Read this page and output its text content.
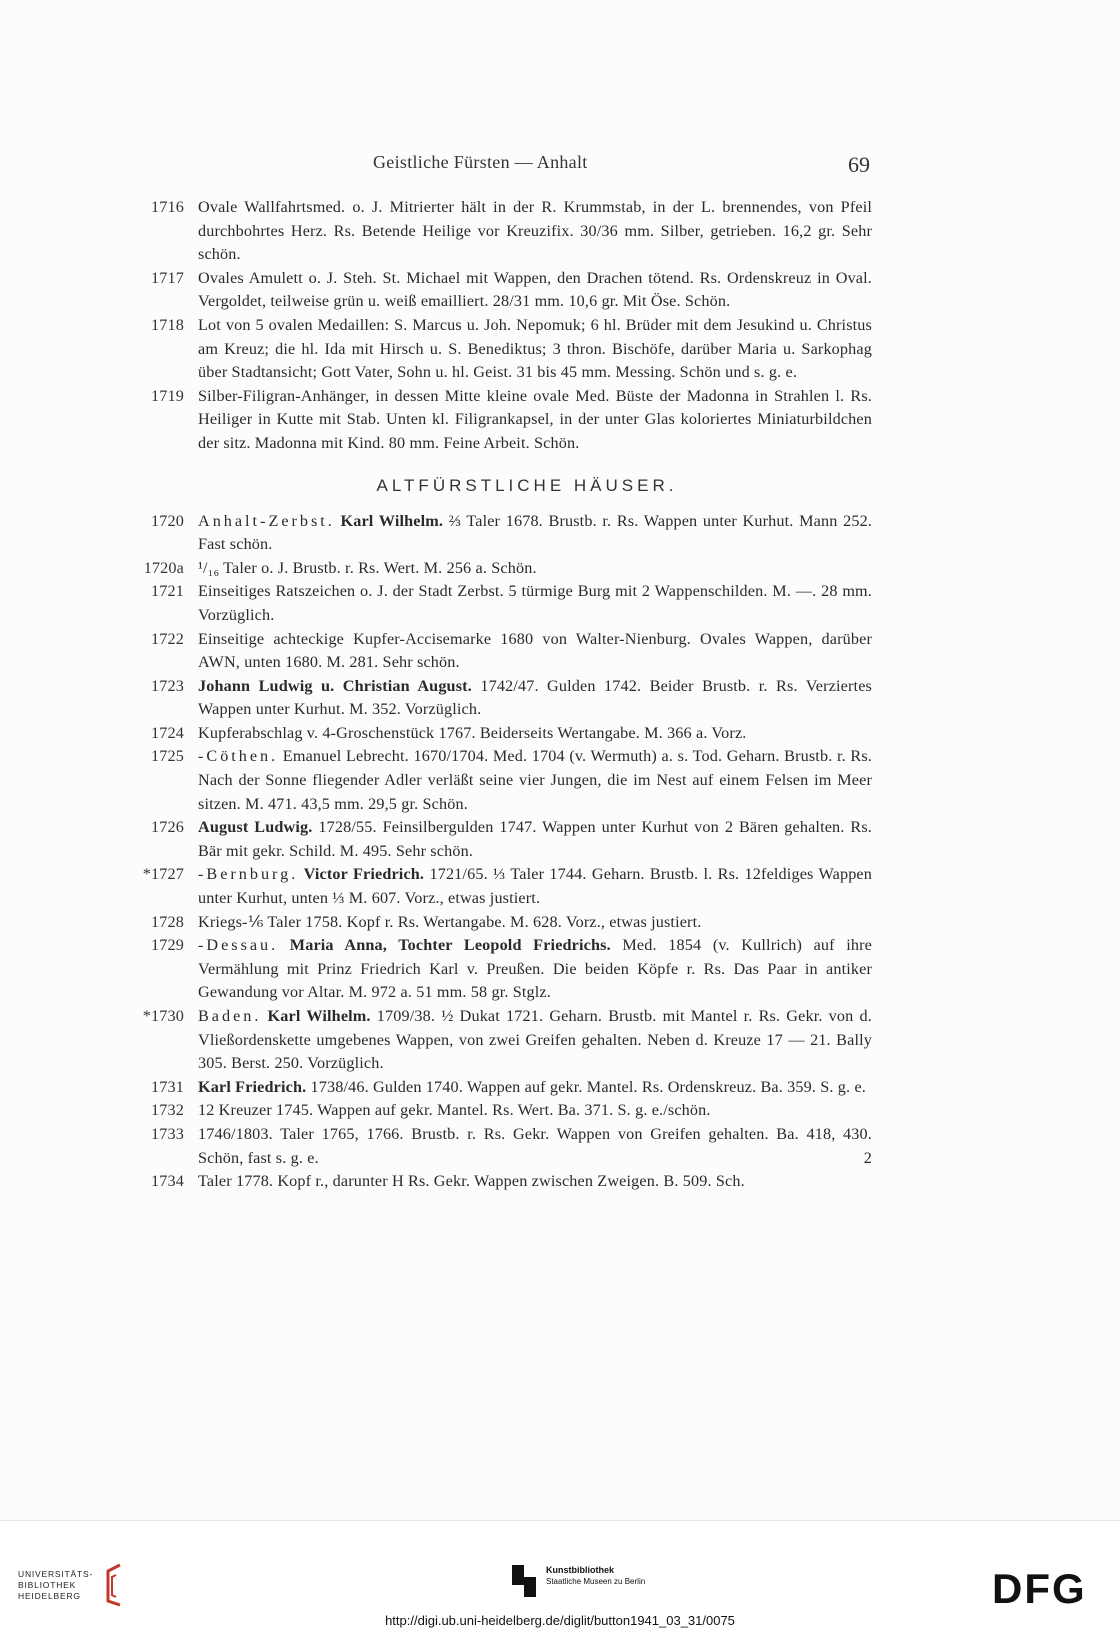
Geistliche Fürsten — Anhalt	69
1716 Ovale Wallfahrtsmed. o. J. Mitrierter hält in der R. Krummstab, in der L. brennendes, von Pfeil durchbohrtes Herz. Rs. Betende Heilige vor Kreuzifix. 30/36 mm. Silber, getrieben. 16,2 gr. Sehr schön.
1717 Ovales Amulett o. J. Steh. St. Michael mit Wappen, den Drachen tötend. Rs. Ordenskreuz in Oval. Vergoldet, teilweise grün u. weiß emailliert. 28/31 mm. 10,6 gr. Mit Öse. Schön.
1718 Lot von 5 ovalen Medaillen: S. Marcus u. Joh. Nepomuk; 6 hl. Brüder mit dem Jesukind u. Christus am Kreuz; die hl. Ida mit Hirsch u. S. Benediktus; 3 thron. Bischöfe, darüber Maria u. Sarkophag über Stadtansicht; Gott Vater, Sohn u. hl. Geist. 31 bis 45 mm. Messing. Schön und s. g. e.
1719 Silber-Filigran-Anhänger, in dessen Mitte kleine ovale Med. Büste der Madonna in Strahlen l. Rs. Heiliger in Kutte mit Stab. Unten kl. Filigrankapsel, in der unter Glas koloriertes Miniaturbildchen der sitz. Madonna mit Kind. 80 mm. Feine Arbeit. Schön.
ALTFÜRSTLICHE HÄUSER.
1720 Anhalt-Zerbst. Karl Wilhelm. ⅔ Taler 1678. Brustb. r. Rs. Wappen unter Kurhut. Mann 252. Fast schön.
1720a ¹/₁₆ Taler o. J. Brustb. r. Rs. Wert. M. 256 a. Schön.
1721 Einseitiges Ratszeichen o. J. der Stadt Zerbst. 5 türmige Burg mit 2 Wappenschilden. M. —. 28 mm. Vorzüglich.
1722 Einseitige achteckige Kupfer-Accisemarke 1680 von Walter-Nienburg. Ovales Wappen, darüber AWN, unten 1680. M. 281. Sehr schön.
1723 Johann Ludwig u. Christian August. 1742/47. Gulden 1742. Beider Brustb. r. Rs. Verziertes Wappen unter Kurhut. M. 352. Vorzüglich.
1724 Kupferabschlag v. 4-Groschenstück 1767. Beiderseits Wertangabe. M. 366 a. Vorz.
1725 -Cöthen. Emanuel Lebrecht. 1670/1704. Med. 1704 (v. Wermuth) a. s. Tod. Geharn. Brustb. r. Rs. Nach der Sonne fliegender Adler verläßt seine vier Jungen, die im Nest auf einem Felsen im Meer sitzen. M. 471. 43,5 mm. 29,5 gr. Schön.
1726 August Ludwig. 1728/55. Feinsilbergulden 1747. Wappen unter Kurhut von 2 Bären gehalten. Rs. Bär mit gekr. Schild. M. 495. Sehr schön.
*1727 -Bernburg. Victor Friedrich. 1721/65. ⅓ Taler 1744. Geharn. Brustb. l. Rs. 12feldiges Wappen unter Kurhut, unten ⅓ M. 607. Vorz., etwas justiert.
1728 Kriegs-⅙ Taler 1758. Kopf r. Rs. Wertangabe. M. 628. Vorz., etwas justiert.
1729 -Dessau. Maria Anna, Tochter Leopold Friedrichs. Med. 1854 (v. Kullrich) auf ihre Vermählung mit Prinz Friedrich Karl v. Preußen. Die beiden Köpfe r. Rs. Das Paar in antiker Gewandung vor Altar. M. 972 a. 51 mm. 58 gr. Stglz.
*1730 Baden. Karl Wilhelm. 1709/38. ½ Dukat 1721. Geharn. Brustb. mit Mantel r. Rs. Gekr. von d. Vließordenskette umgebenes Wappen, von zwei Greifen gehalten. Neben d. Kreuze 17 — 21. Bally 305. Berst. 250. Vorzüglich.
1731 Karl Friedrich. 1738/46. Gulden 1740. Wappen auf gekr. Mantel. Rs. Ordenskreuz. Ba. 359. S. g. e.
1732 12 Kreuzer 1745. Wappen auf gekr. Mantel. Rs. Wert. Ba. 371. S. g. e./schön.
1733 1746/1803. Taler 1765, 1766. Brustb. r. Rs. Gekr. Wappen von Greifen gehalten. Ba. 418, 430. Schön, fast s. g. e.	2
1734 Taler 1778. Kopf r., darunter H Rs. Gekr. Wappen zwischen Zweigen. B. 509. Sch.
UNIVERSITÄTS-
BIBLIOTHEK
HEIDELBERG
Kunstbibliothek
Staatliche Museen zu Berlin	DFG
http://digi.ub.uni-heidelberg.de/diglit/button1941_03_31/0075
